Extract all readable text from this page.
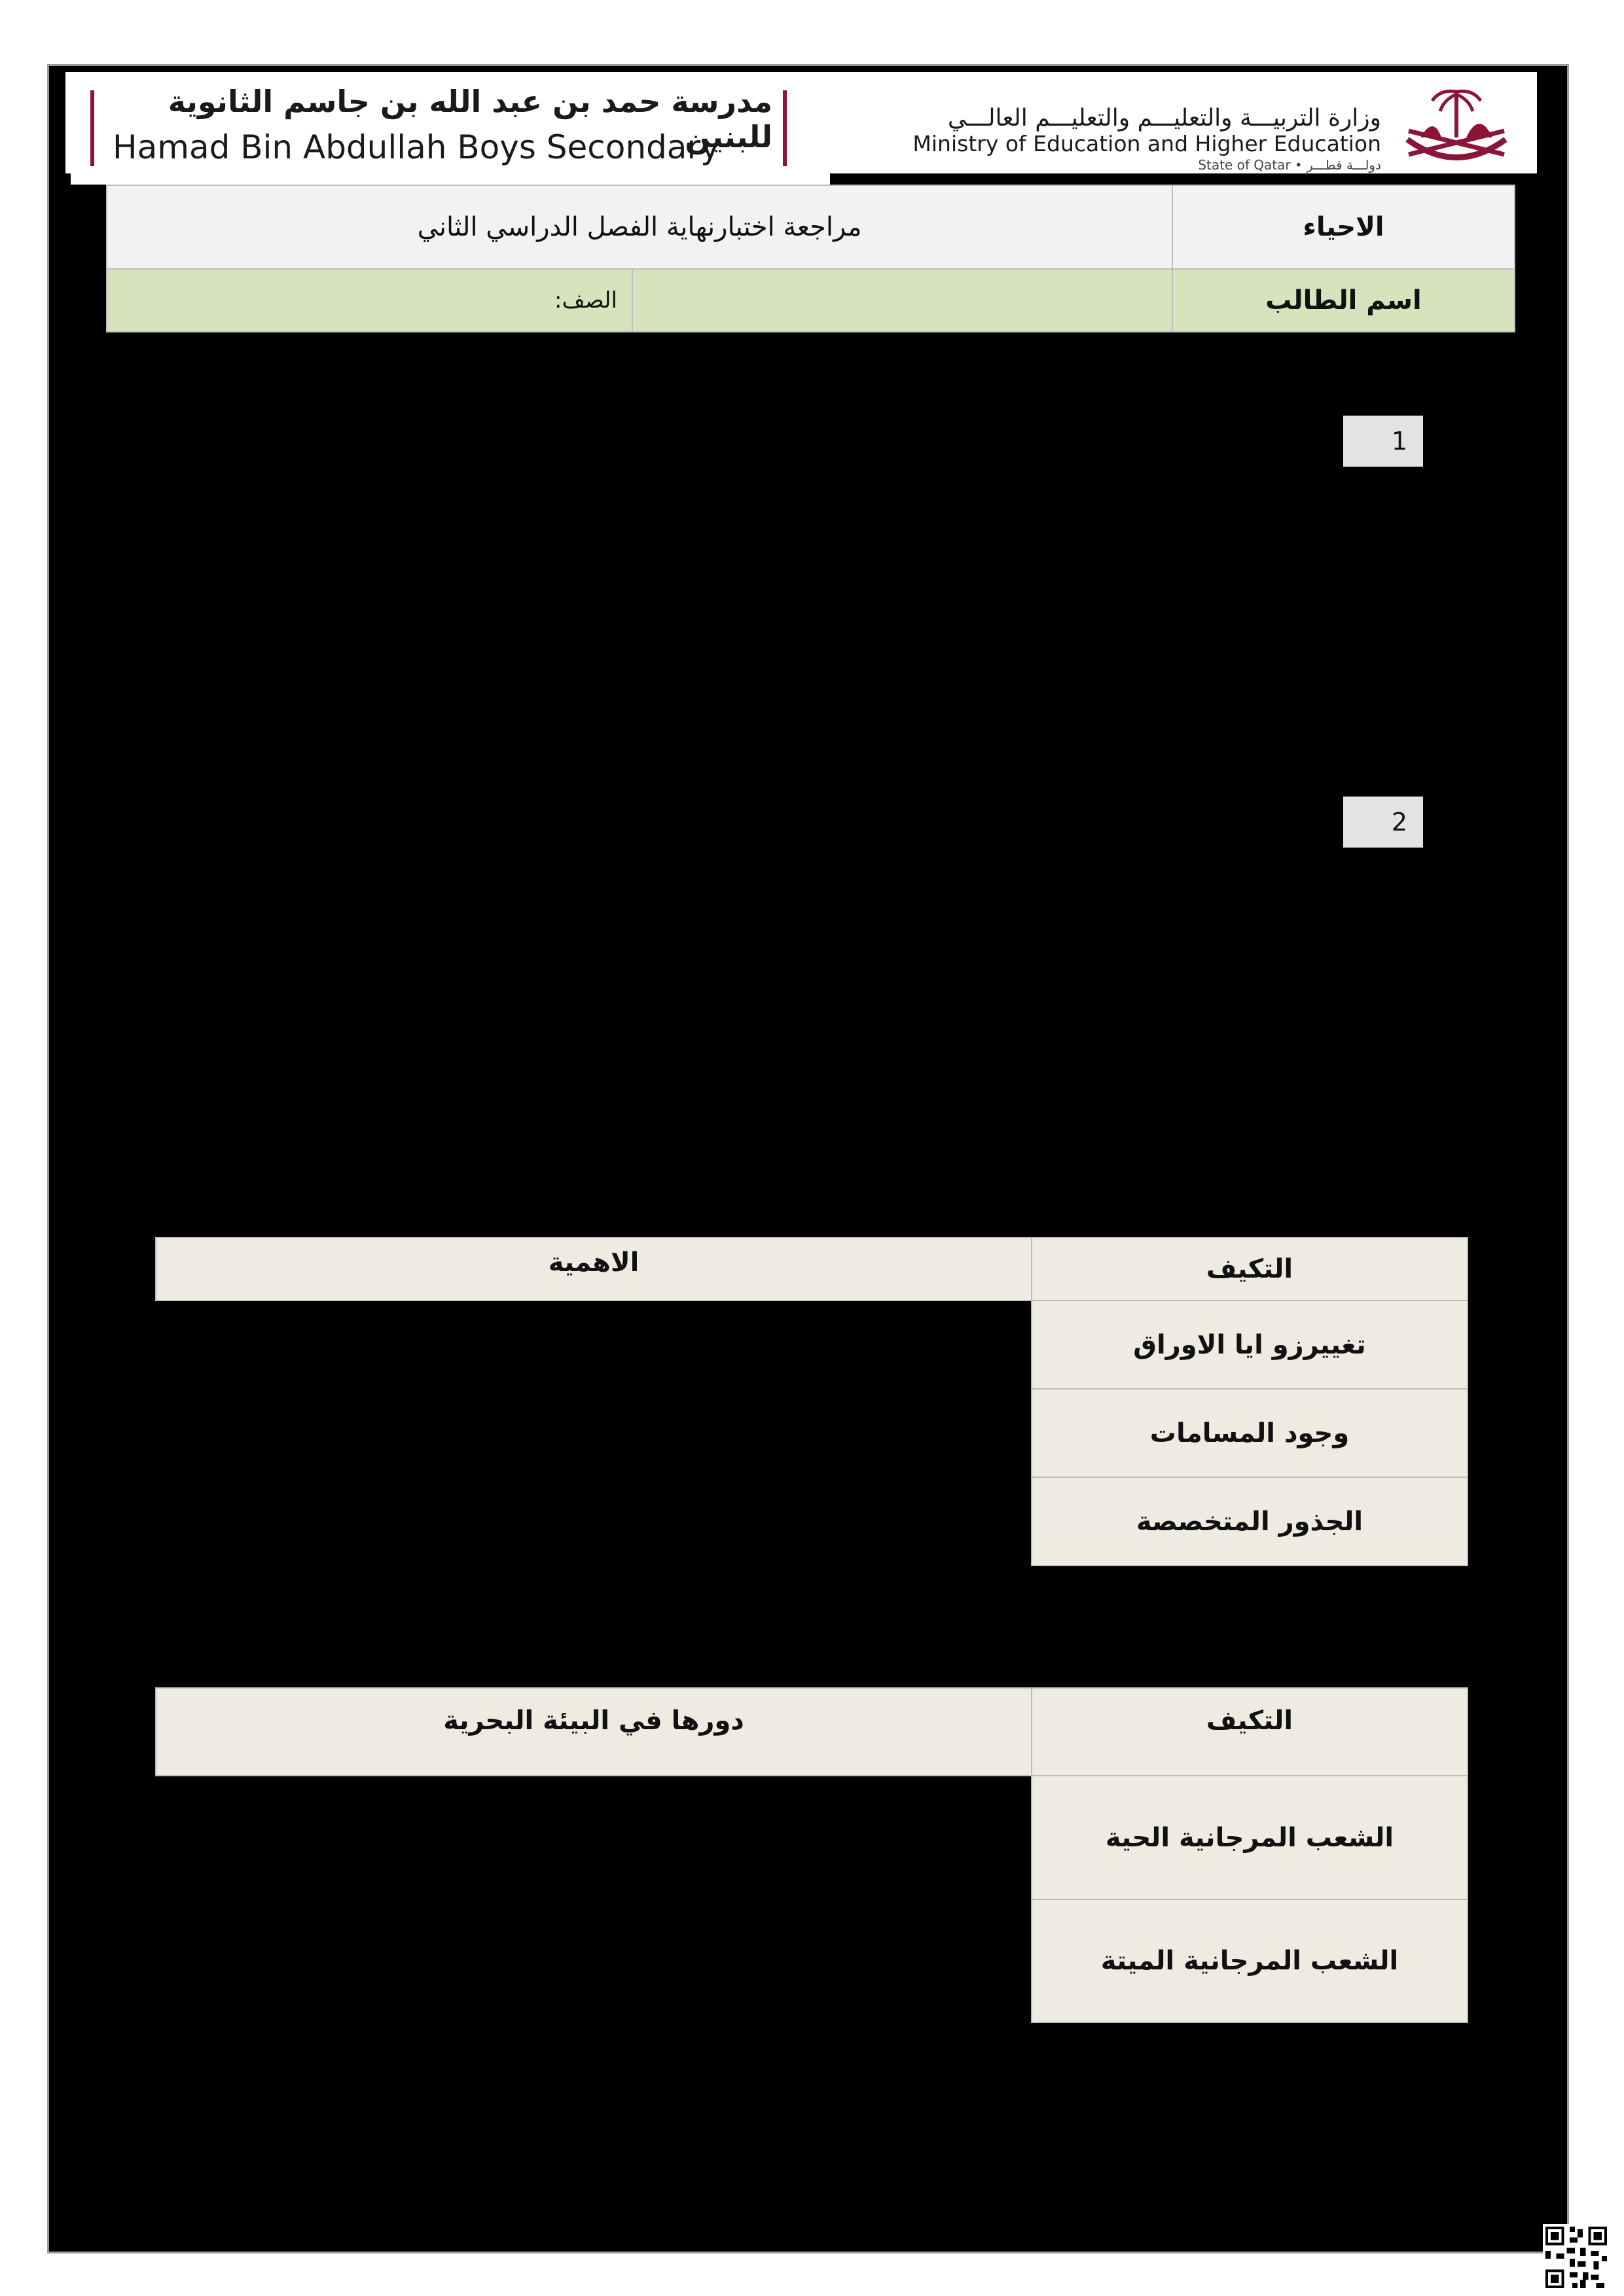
مدرسة حمد بن عبد الله بن جاسم الثانوية للبنين
Hamad Bin Abdullah Boys Secondary
وزارة التربيـــة والتعليـــم والتعليـــم العالـــي
Ministry of Education and Higher Education
State of Qatar • دولـــة قطـــر
الاحياء
مراجعة اختبارنهاية الفصل الدراسي الثاني
اسم الطالب
الصف:
1
2
التكيف
الاهمية
تغييرزو ايا الاوراق
وجود المسامات
الجذور المتخصصة
التكيف
دورها في البيئة البحرية
الشعب المرجانية الحية
الشعب المرجانية الميتة
